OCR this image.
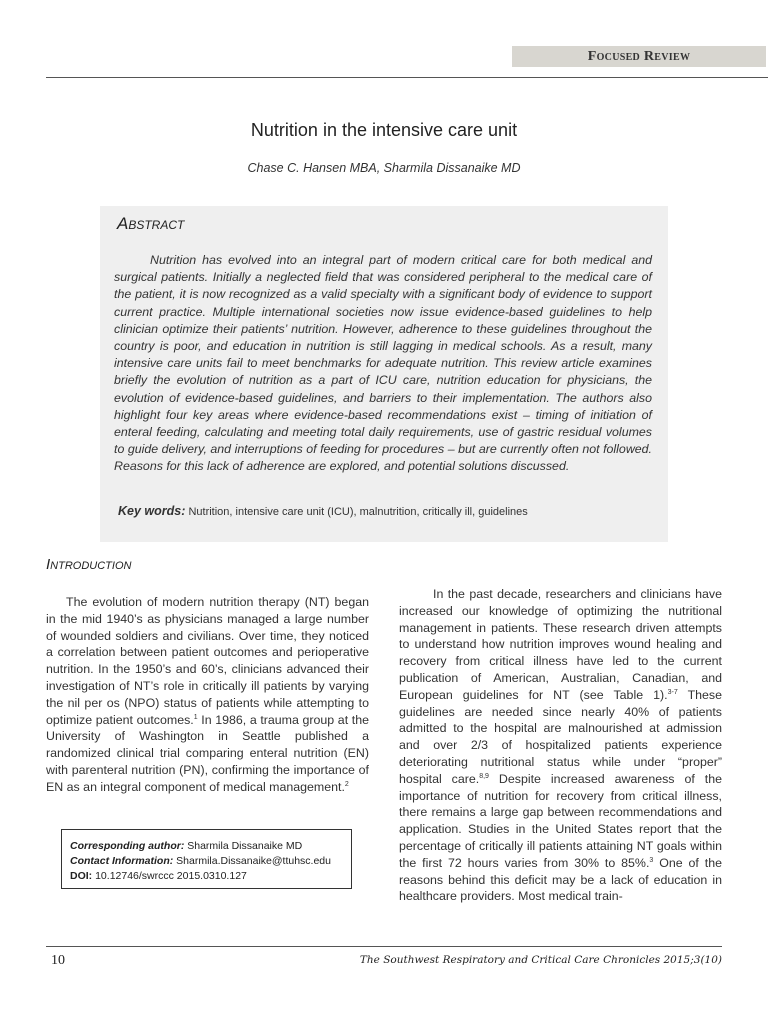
Focused Review
Nutrition in the intensive care unit
Chase C. Hansen MBA, Sharmila Dissanaike MD
Abstract

Nutrition has evolved into an integral part of modern critical care for both medical and surgical patients. Initially a neglected field that was considered peripheral to the medical care of the patient, it is now recognized as a valid specialty with a significant body of evidence to support current practice. Multiple international societies now issue evidence-based guidelines to help clinician optimize their patients’ nutrition. However, adherence to these guidelines throughout the country is poor, and education in nutrition is still lagging in medical schools. As a result, many intensive care units fail to meet benchmarks for adequate nutrition. This review article examines briefly the evolution of nutrition as a part of ICU care, nutrition education for physicians, the evolution of evidence-based guidelines, and barriers to their implementation. The authors also highlight four key areas where evidence-based recommendations exist – timing of initiation of enteral feeding, calculating and meeting total daily requirements, use of gastric residual volumes to guide delivery, and interruptions of feeding for procedures – but are currently often not followed. Reasons for this lack of adherence are explored, and potential solutions discussed.

Key words: Nutrition, intensive care unit (ICU), malnutrition, critically ill, guidelines
Introduction

The evolution of modern nutrition therapy (NT) began in the mid 1940’s as physicians managed a large number of wounded soldiers and civilians. Over time, they noticed a correlation between patient outcomes and perioperative nutrition. In the 1950’s and 60’s, clinicians advanced their investigation of NT’s role in critically ill patients by varying the nil per os (NPO) status of patients while attempting to optimize patient outcomes.$^1$ In 1986, a trauma group at the University of Washington in Seattle published a randomized clinical trial comparing enteral nutrition (EN) with parenteral nutrition (PN), confirming the importance of EN as an integral component of medical management.$^2$

In the past decade, researchers and clinicians have increased our knowledge of optimizing the nutritional management in patients. These research driven attempts to understand how nutrition improves wound healing and recovery from critical illness have led to the current publication of American, Australian, Canadian, and European guidelines for NT (see Table 1).$^{3-7}$ These guidelines are needed since nearly 40% of patients admitted to the hospital are malnourished at admission and over 2/3 of hospitalized patients experience deteriorating nutritional status while under “proper” hospital care.$^{8,9}$ Despite increased awareness of the importance of nutrition for recovery from critical illness, there remains a large gap between recommendations and application. Studies in the United States report that the percentage of critically ill patients attaining NT goals within the first 72 hours varies from 30% to 85%.$^3$ One of the reasons behind this deficit may be a lack of education in healthcare providers. Most medical train-

Corresponding author: Sharmila Dissanaike MD
Contact Information: Sharmila.Dissanaike@ttuhsc.edu
DOI: 10.12746/swrccc 2015.0310.127
10	The Southwest Respiratory and Critical Care Chronicles 2015;3(10)
